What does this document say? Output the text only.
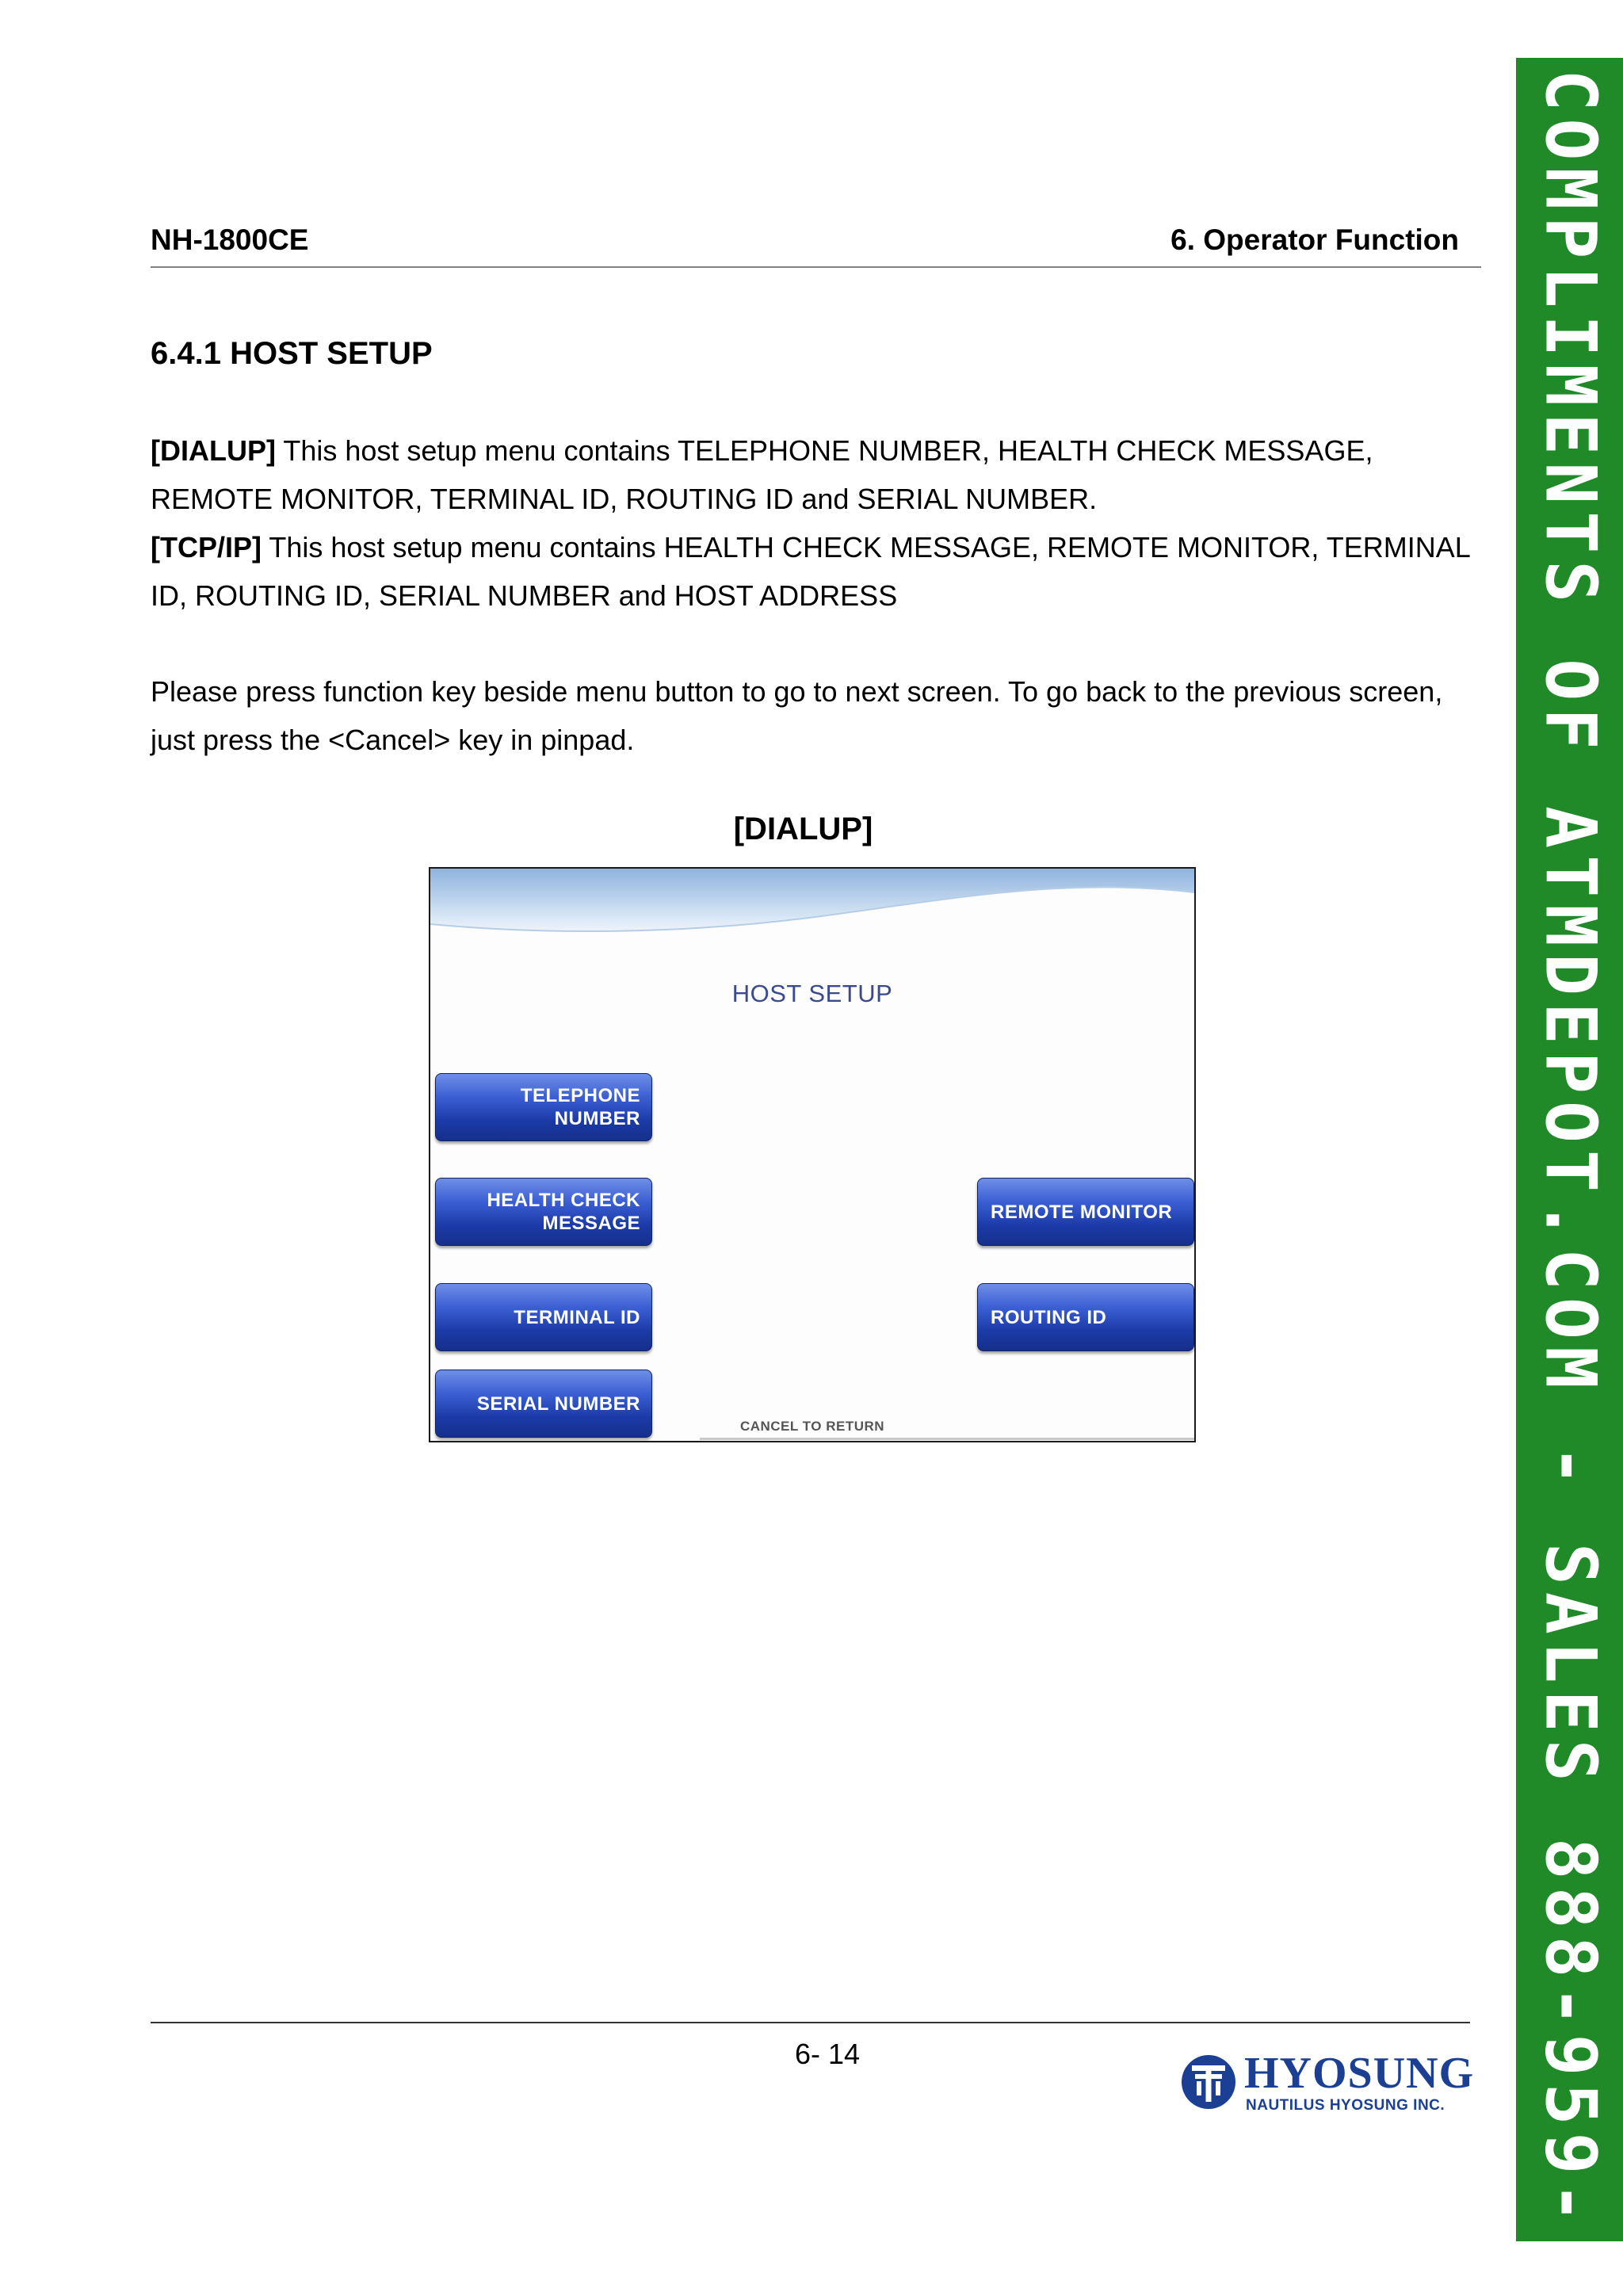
NH-1800CE	6. Operator Function
6.4.1 HOST SETUP
[DIALUP] This host setup menu contains TELEPHONE NUMBER, HEALTH CHECK MESSAGE, REMOTE MONITOR, TERMINAL ID, ROUTING ID and SERIAL NUMBER.
[TCP/IP] This host setup menu contains HEALTH CHECK MESSAGE, REMOTE MONITOR, TERMINAL ID, ROUTING ID, SERIAL NUMBER and HOST ADDRESS
Please press function key beside menu button to go to next screen. To go back to the previous screen, just press the <Cancel> key in pinpad.
[DIALUP]
HOST SETUP
TELEPHONE
NUMBER
HEALTH CHECK
MESSAGE
TERMINAL ID
SERIAL NUMBER
REMOTE MONITOR
ROUTING ID
CANCEL TO RETURN
6- 14	HYOSUNG
NAUTILUS HYOSUNG INC. COMPLIMENTS OF ATMDEPOT.COM - SALES 888-959-2269
